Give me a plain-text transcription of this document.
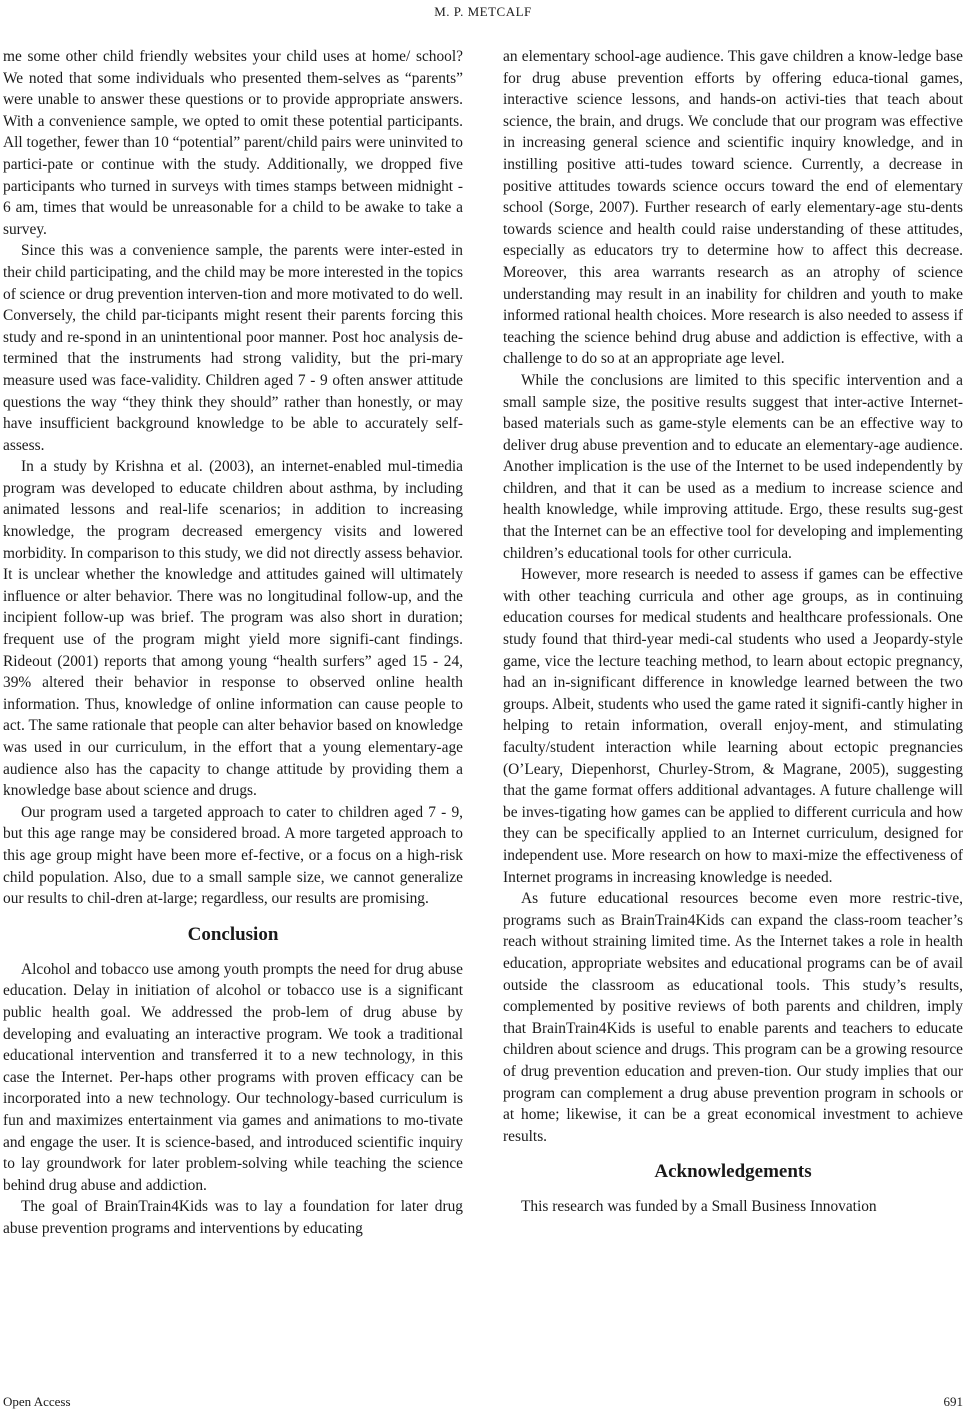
M. P. METCALF

me some other child friendly websites your child uses at home/ school? We noted that some individuals who presented them-selves as “parents” were unable to answer these questions or to provide appropriate answers. With a convenience sample, we opted to omit these potential participants. All together, fewer than 10 “potential” parent/child pairs were uninvited to partici-pate or continue with the study. Additionally, we dropped five participants who turned in surveys with times stamps between midnight - 6 am, times that would be unreasonable for a child to be awake to take a survey.

Since this was a convenience sample, the parents were inter-ested in their child participating, and the child may be more interested in the topics of science or drug prevention interven-tion and more motivated to do well. Conversely, the child par-ticipants might resent their parents forcing this study and re-spond in an unintentional poor manner. Post hoc analysis de-termined that the instruments had strong validity, but the pri-mary measure used was face-validity. Children aged 7 - 9 often answer attitude questions the way “they think they should” rather than honestly, or may have insufficient background knowledge to be able to accurately self-assess.

In a study by Krishna et al. (2003), an internet-enabled mul-timedia program was developed to educate children about asthma, by including animated lessons and real-life scenarios; in addition to increasing knowledge, the program decreased emergency visits and lowered morbidity. In comparison to this study, we did not directly assess behavior. It is unclear whether the knowledge and attitudes gained will ultimately influence or alter behavior. There was no longitudinal follow-up, and the incipient follow-up was brief. The program was also short in duration; frequent use of the program might yield more signifi-cant findings. Rideout (2001) reports that among young “health surfers” aged 15 - 24, 39% altered their behavior in response to observed online health information. Thus, knowledge of online information can cause people to act. The same rationale that people can alter behavior based on knowledge was used in our curriculum, in the effort that a young elementary-age audience also has the capacity to change attitude by providing them a knowledge base about science and drugs.

Our program used a targeted approach to cater to children aged 7 - 9, but this age range may be considered broad. A more targeted approach to this age group might have been more ef-fective, or a focus on a high-risk child population. Also, due to a small sample size, we cannot generalize our results to chil-dren at-large; regardless, our results are promising.

Conclusion

Alcohol and tobacco use among youth prompts the need for drug abuse education. Delay in initiation of alcohol or tobacco use is a significant public health goal. We addressed the prob-lem of drug abuse by developing and evaluating an interactive program. We took a traditional educational intervention and transferred it to a new technology, in this case the Internet. Per-haps other programs with proven efficacy can be incorporated into a new technology. Our technology-based curriculum is fun and maximizes entertainment via games and animations to mo-tivate and engage the user. It is science-based, and introduced scientific inquiry to lay groundwork for later problem-solving while teaching the science behind drug abuse and addiction.

The goal of BrainTrain4Kids was to lay a foundation for later drug abuse prevention programs and interventions by educating

an elementary school-age audience. This gave children a know-ledge base for drug abuse prevention efforts by offering educa-tional games, interactive science lessons, and hands-on activi-ties that teach about science, the brain, and drugs. We conclude that our program was effective in increasing general science and scientific inquiry knowledge, and in instilling positive atti-tudes toward science. Currently, a decrease in positive attitudes towards science occurs toward the end of elementary school (Sorge, 2007). Further research of early elementary-age stu-dents towards science and health could raise understanding of these attitudes, especially as educators try to determine how to affect this decrease. Moreover, this area warrants research as an atrophy of science understanding may result in an inability for children and youth to make informed rational health choices. More research is also needed to assess if teaching the science behind drug abuse and addiction is effective, with a challenge to do so at an appropriate age level.

While the conclusions are limited to this specific intervention and a small sample size, the positive results suggest that inter-active Internet-based materials such as game-style elements can be an effective way to deliver drug abuse prevention and to educate an elementary-age audience. Another implication is the use of the Internet to be used independently by children, and that it can be used as a medium to increase science and health knowledge, while improving attitude. Ergo, these results sug-gest that the Internet can be an effective tool for developing and implementing children’s educational tools for other curricula.

However, more research is needed to assess if games can be effective with other teaching curricula and other age groups, as in continuing education courses for medical students and healthcare professionals. One study found that third-year medi-cal students who used a Jeopardy-style game, vice the lecture teaching method, to learn about ectopic pregnancy, had an in-significant difference in knowledge learned between the two groups. Albeit, students who used the game rated it signifi-cantly higher in helping to retain information, overall enjoy-ment, and stimulating faculty/student interaction while learning about ectopic pregnancies (O’Leary, Diepenhorst, Churley-Strom, & Magrane, 2005), suggesting that the game format offers additional advantages. A future challenge will be inves-tigating how games can be applied to different curricula and how they can be specifically applied to an Internet curriculum, designed for independent use. More research on how to maxi-mize the effectiveness of Internet programs in increasing knowledge is needed.

As future educational resources become even more restric-tive, programs such as BrainTrain4Kids can expand the class-room teacher’s reach without straining limited time. As the Internet takes a role in health education, appropriate websites and educational programs can be of avail outside the classroom as educational tools. This study’s results, complemented by positive reviews of both parents and children, imply that BrainTrain4Kids is useful to enable parents and teachers to educate children about science and drugs. This program can be a growing resource of drug prevention education and preven-tion. Our study implies that our program can complement a drug abuse prevention program in schools or at home; likewise, it can be a great economical investment to achieve results.

Acknowledgements

This research was funded by a Small Business Innovation

Open Access	691
